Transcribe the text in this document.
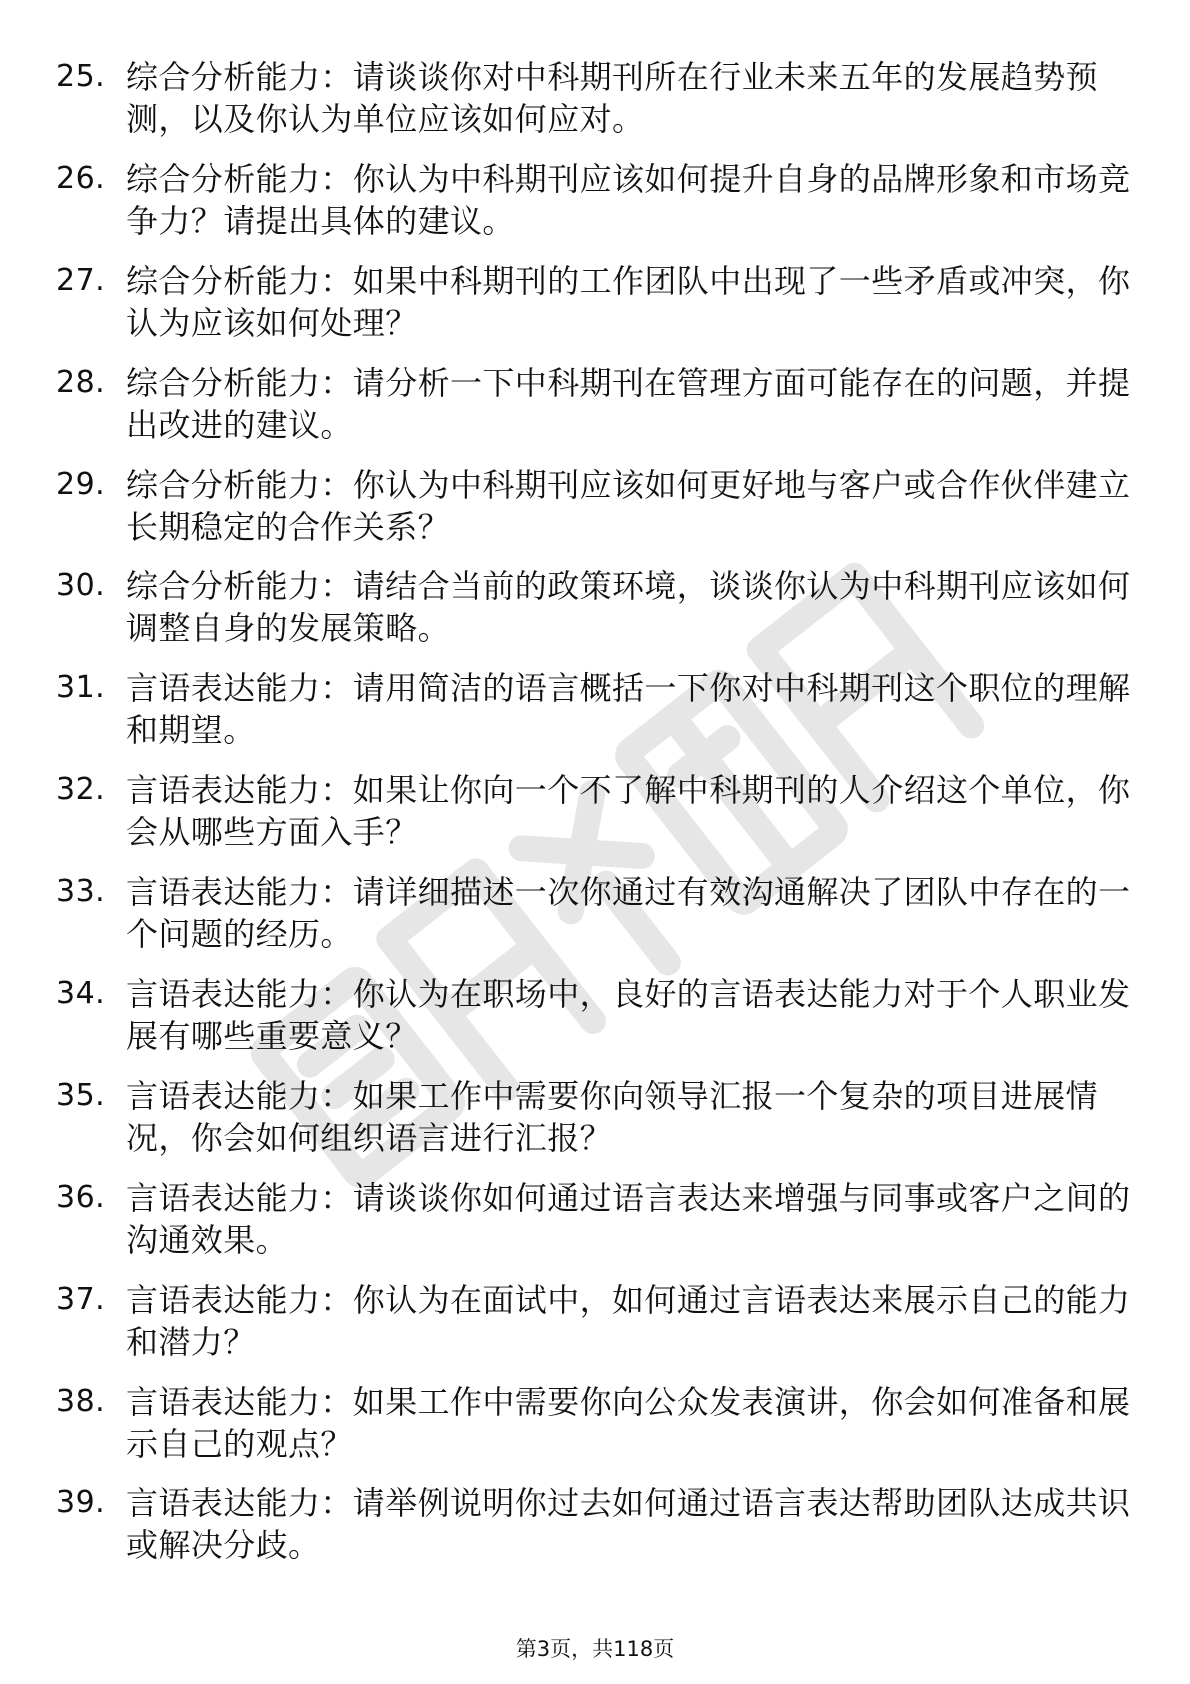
25. 综合分析能力：请谈谈你对中科期刊所在行业未来五年的发展趋势预测，以及你认为单位应该如何应对。
26. 综合分析能力：你认为中科期刊应该如何提升自身的品牌形象和市场竞争力？请提出具体的建议。
27. 综合分析能力：如果中科期刊的工作团队中出现了一些矛盾或冲突，你认为应该如何处理？
28. 综合分析能力：请分析一下中科期刊在管理方面可能存在的问题，并提出改进的建议。
29. 综合分析能力：你认为中科期刊应该如何更好地与客户或合作伙伴建立长期稳定的合作关系？
30. 综合分析能力：请结合当前的政策环境，谈谈你认为中科期刊应该如何调整自身的发展策略。
31. 言语表达能力：请用简洁的语言概括一下你对中科期刊这个职位的理解和期望。
32. 言语表达能力：如果让你向一个不了解中科期刊的人介绍这个单位，你会从哪些方面入手？
33. 言语表达能力：请详细描述一次你通过有效沟通解决了团队中存在的一个问题的经历。
34. 言语表达能力：你认为在职场中，良好的言语表达能力对于个人职业发展有哪些重要意义？
35. 言语表达能力：如果工作中需要你向领导汇报一个复杂的项目进展情况，你会如何组织语言进行汇报？
36. 言语表达能力：请谈谈你如何通过语言表达来增强与同事或客户之间的沟通效果。
37. 言语表达能力：你认为在面试中，如何通过言语表达来展示自己的能力和潜力？
38. 言语表达能力：如果工作中需要你向公众发表演讲，你会如何准备和展示自己的观点？
39. 言语表达能力：请举例说明你过去如何通过语言表达帮助团队达成共识或解决分歧。
第3页，共118页
